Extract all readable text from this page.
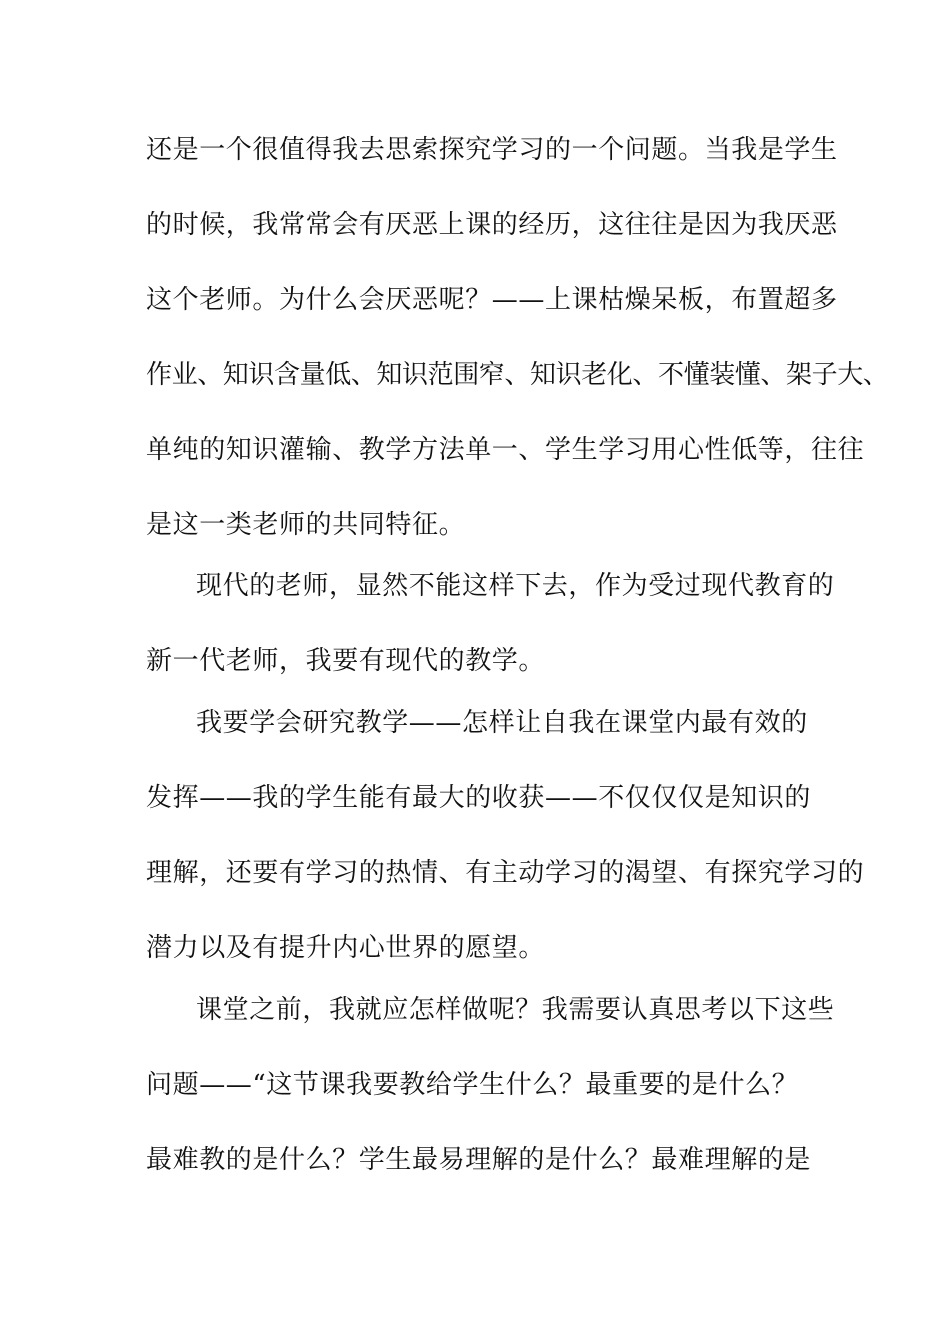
还是一个很值得我去思索探究学习的一个问题。当我是学生
的时候，我常常会有厌恶上课的经历，这往往是因为我厌恶
这个老师。为什么会厌恶呢？——上课枯燥呆板，布置超多
作业、知识含量低、知识范围窄、知识老化、不懂装懂、架子大、
单纯的知识灌输、教学方法单一、学生学习用心性低等，往往
是这一类老师的共同特征。
现代的老师，显然不能这样下去，作为受过现代教育的
新一代老师，我要有现代的教学。
我要学会研究教学——怎样让自我在课堂内最有效的
发挥——我的学生能有最大的收获——不仅仅仅是知识的
理解，还要有学习的热情、有主动学习的渴望、有探究学习的
潜力以及有提升内心世界的愿望。
课堂之前，我就应怎样做呢？我需要认真思考以下这些
问题——“这节课我要教给学生什么？最重要的是什么？
最难教的是什么？学生最易理解的是什么？最难理解的是
